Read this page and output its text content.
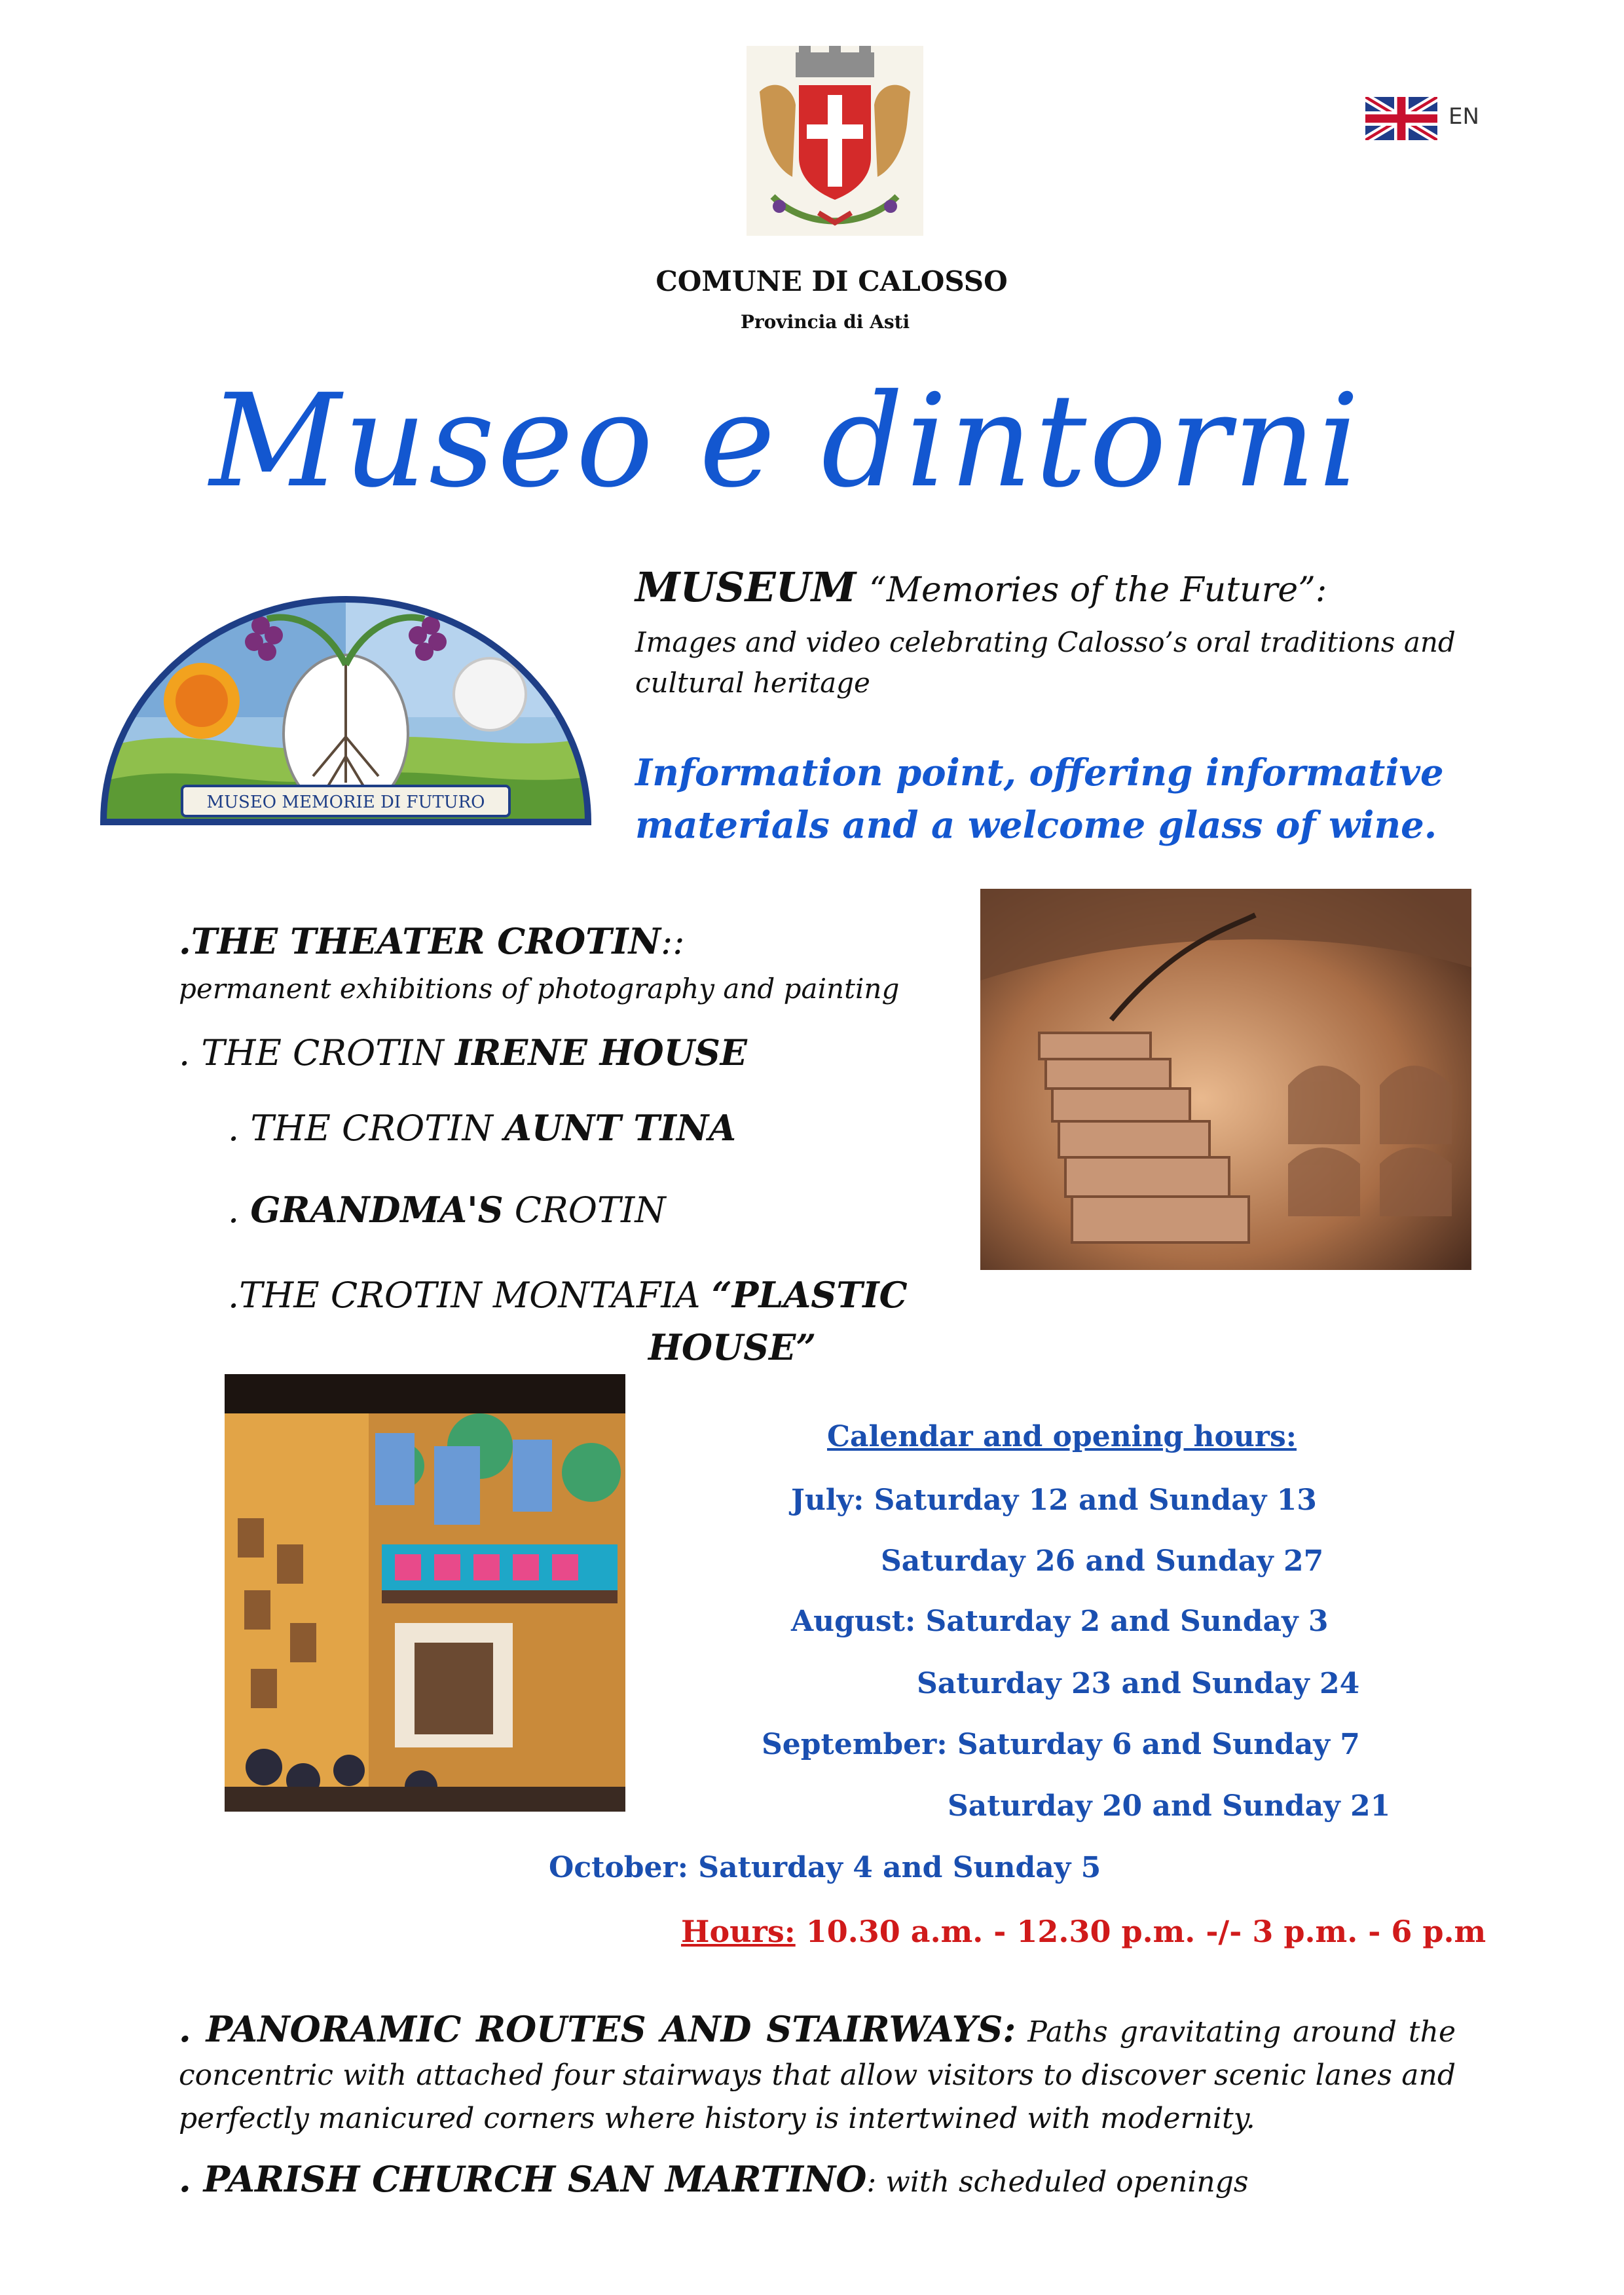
EN
COMUNE DI CALOSSO
Provincia di Asti
Museo e dintorni
MUSEO MEMORIE DI FUTURO
MUSEUM “Memories of the Future”:
Images and video celebrating Calosso’s oral traditions and cultural heritage
Information point, offering informative materials and a welcome glass of wine.
.THE THEATER CROTIN::
permanent exhibitions of photography and painting
. THE CROTIN IRENE HOUSE
. THE CROTIN AUNT TINA
. GRANDMA'S CROTIN
.THE CROTIN MONTAFIA “PLASTIC
HOUSE”
Calendar and opening hours:
July: Saturday 12 and Sunday 13
Saturday 26 and Sunday 27
August: Saturday 2 and Sunday 3
Saturday 23 and Sunday 24
September: Saturday 6 and Sunday 7
Saturday 20 and Sunday 21
October: Saturday 4 and Sunday 5
Hours: 10.30 a.m. - 12.30 p.m. -/- 3 p.m. - 6 p.m
. PANORAMIC ROUTES AND STAIRWAYS: Paths gravitating around the concentric with attached four stairways that allow visitors to discover scenic lanes and perfectly manicured corners where history is intertwined with modernity.
. PARISH CHURCH SAN MARTINO: with scheduled openings
